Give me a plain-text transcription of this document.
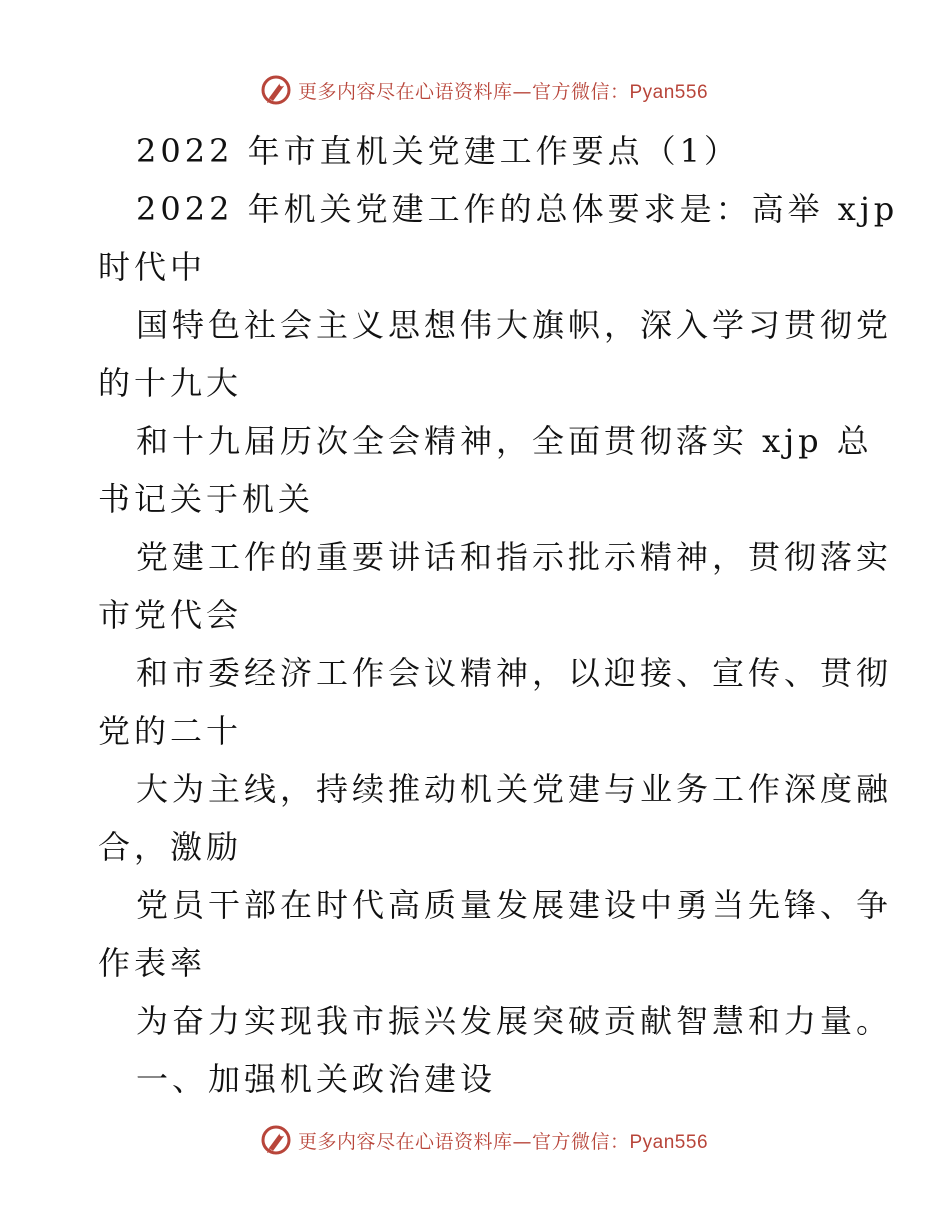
更多内容尽在心语资料库—官方微信：Pyan556
2022 年市直机关党建工作要点（1）
2022 年机关党建工作的总体要求是：高举 xjp
时代中
国特色社会主义思想伟大旗帜，深入学习贯彻党
的十九大
和十九届历次全会精神，全面贯彻落实 xjp 总
书记关于机关
党建工作的重要讲话和指示批示精神，贯彻落实
市党代会
和市委经济工作会议精神，以迎接、宣传、贯彻
党的二十
大为主线，持续推动机关党建与业务工作深度融
合，激励
党员干部在时代高质量发展建设中勇当先锋、争
作表率
为奋力实现我市振兴发展突破贡献智慧和力量。
一、加强机关政治建设
更多内容尽在心语资料库—官方微信：Pyan556
